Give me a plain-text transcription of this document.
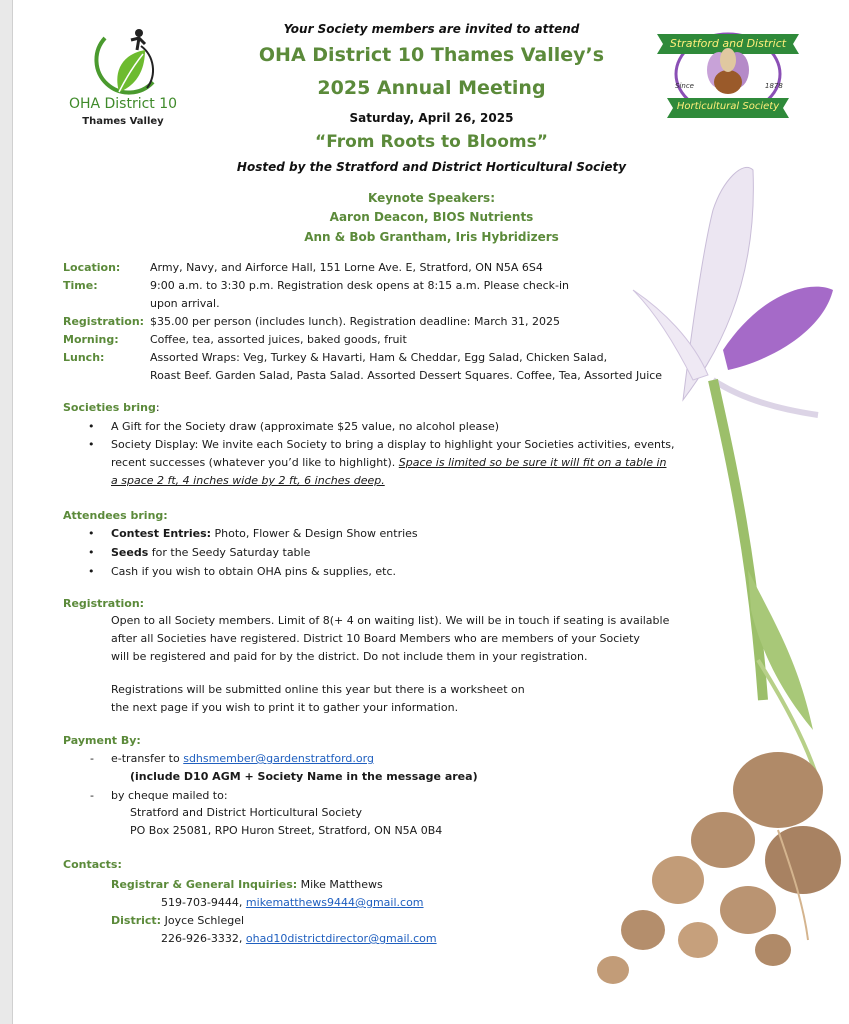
OHA District 10
Thames Valley
Stratford and District
Horticultural Society
Since	1878
Your Society members are invited to attend
OHA District 10 Thames Valley’s
2025 Annual Meeting
Saturday, April 26, 2025
“From Roots to Blooms”
Hosted by the Stratford and District Horticultural Society
Keynote Speakers:
Aaron Deacon, BIOS Nutrients
Ann & Bob Grantham, Iris Hybridizers
Location:	Army, Navy, and Airforce Hall, 151 Lorne Ave. E, Stratford, ON N5A 6S4
Time:	9:00 a.m. to 3:30 p.m. Registration desk opens at 8:15 a.m. Please check-in
upon arrival.
Registration: $35.00 per person (includes lunch). Registration deadline: March 31, 2025
Morning:	Coffee, tea, assorted juices, baked goods, fruit
Lunch:	Assorted Wraps: Veg, Turkey & Havarti, Ham & Cheddar, Egg Salad, Chicken Salad,
Roast Beef. Garden Salad, Pasta Salad. Assorted Dessert Squares. Coffee, Tea, Assorted Juice
Societies bring:
• A Gift for the Society draw (approximate $25 value, no alcohol please)
• Society Display: We invite each Society to bring a display to highlight your Societies activities, events,
recent successes (whatever you’d like to highlight). Space is limited so be sure it will fit on a table in
a space 2 ft, 4 inches wide by 2 ft, 6 inches deep.
Attendees bring:
• Contest Entries: Photo, Flower & Design Show entries
• Seeds for the Seedy Saturday table
• Cash if you wish to obtain OHA pins & supplies, etc.
Registration:
Open to all Society members. Limit of 8(+ 4 on waiting list). We will be in touch if seating is available
after all Societies have registered. District 10 Board Members who are members of your Society
will be registered and paid for by the district. Do not include them in your registration.
Registrations will be submitted online this year but there is a worksheet on
the next page if you wish to print it to gather your information.
Payment By:
- e-transfer to sdhsmember@gardenstratford.org
(include D10 AGM + Society Name in the message area)
- by cheque mailed to:
Stratford and District Horticultural Society
PO Box 25081, RPO Huron Street, Stratford, ON N5A 0B4
Contacts:
Registrar & General Inquiries: Mike Matthews
519-703-9444, mikematthews9444@gmail.com
District: Joyce Schlegel
226-926-3332, ohad10districtdirector@gmail.com
